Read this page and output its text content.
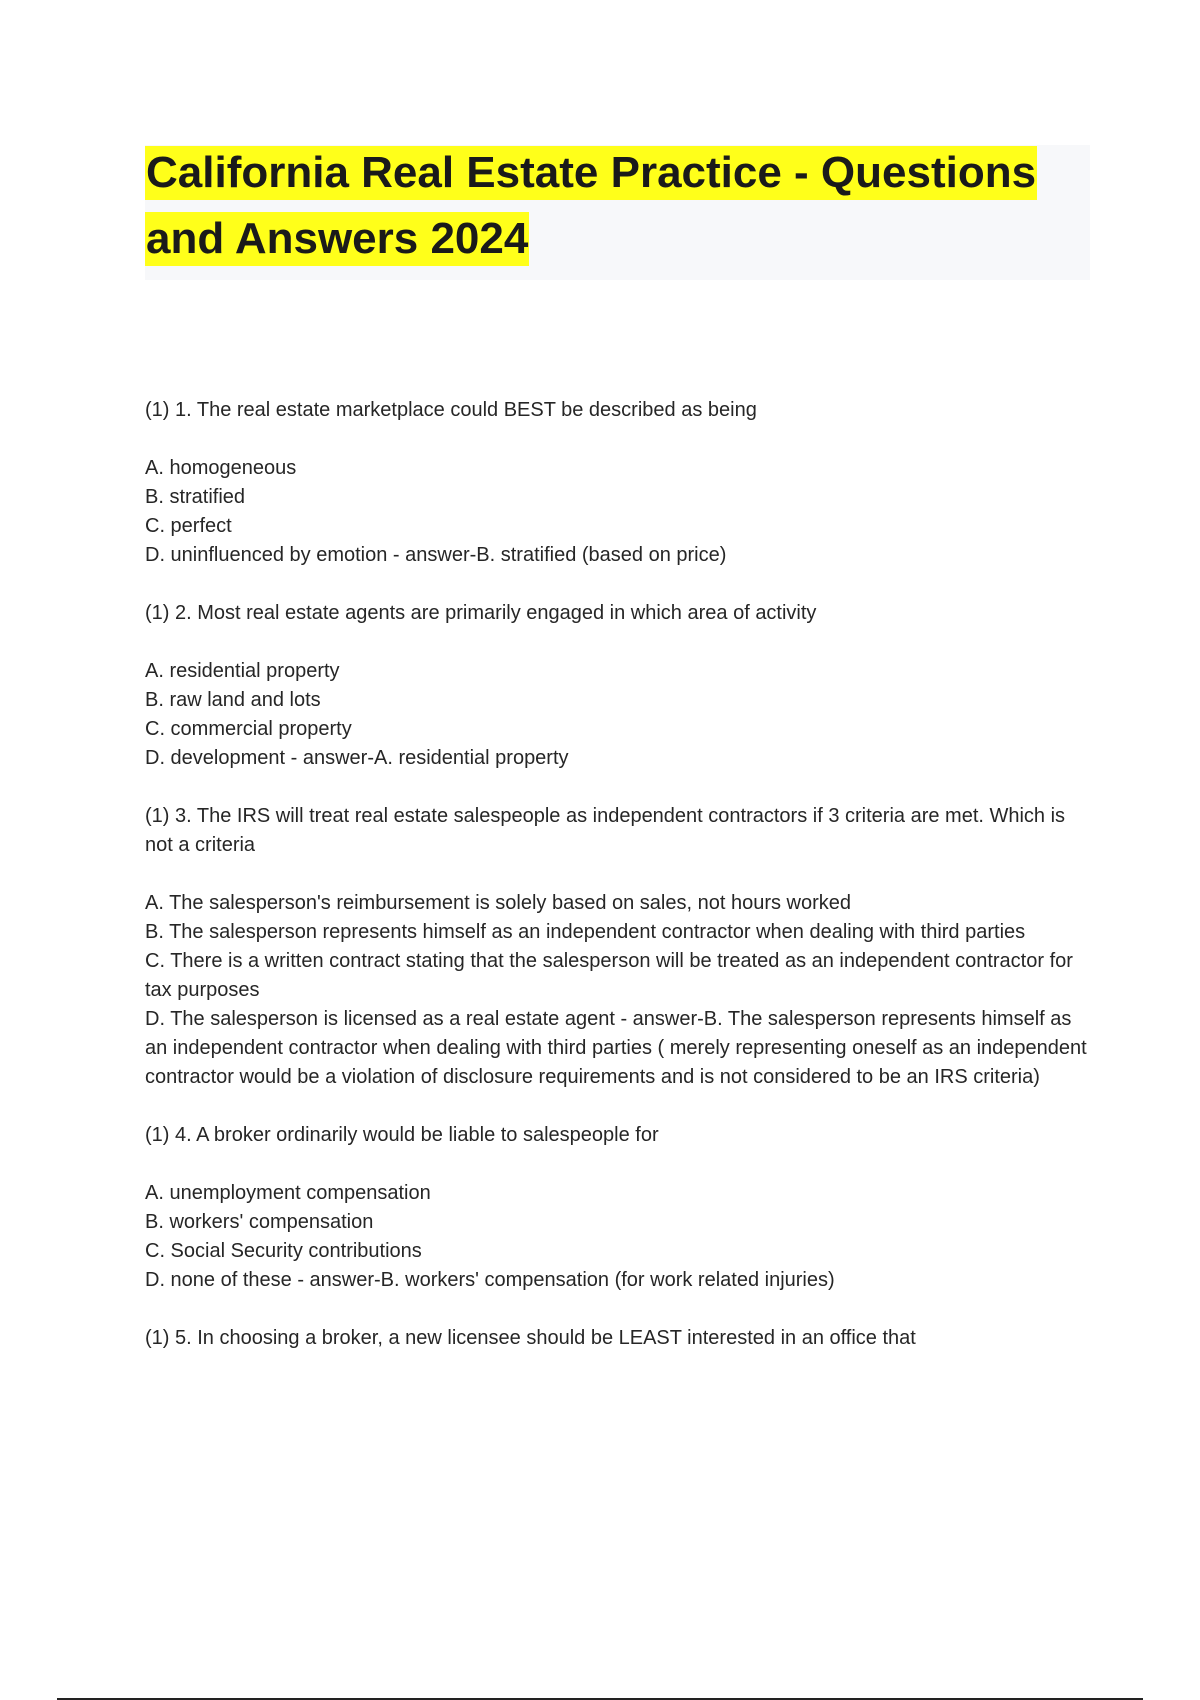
California Real Estate Practice - Questions
and Answers 2024
(1) 1. The real estate marketplace could BEST be described as being
A. homogeneous
B. stratified
C. perfect
D. uninfluenced by emotion - answer-B. stratified (based on price)
(1) 2. Most real estate agents are primarily engaged in which area of activity
A. residential property
B. raw land and lots
C. commercial property
D. development - answer-A. residential property
(1) 3. The IRS will treat real estate salespeople as independent contractors if 3 criteria are met. Which is not a criteria
A. The salesperson's reimbursement is solely based on sales, not hours worked
B. The salesperson represents himself as an independent contractor when dealing with third parties
C. There is a written contract stating that the salesperson will be treated as an independent contractor for tax purposes
D. The salesperson is licensed as a real estate agent - answer-B. The salesperson represents himself as an independent contractor when dealing with third parties ( merely representing oneself as an independent contractor would be a violation of disclosure requirements and is not considered to be an IRS criteria)
(1) 4. A broker ordinarily would be liable to salespeople for
A. unemployment compensation
B. workers' compensation
C. Social Security contributions
D. none of these - answer-B. workers' compensation (for work related injuries)
(1) 5. In choosing a broker, a new licensee should be LEAST interested in an office that
